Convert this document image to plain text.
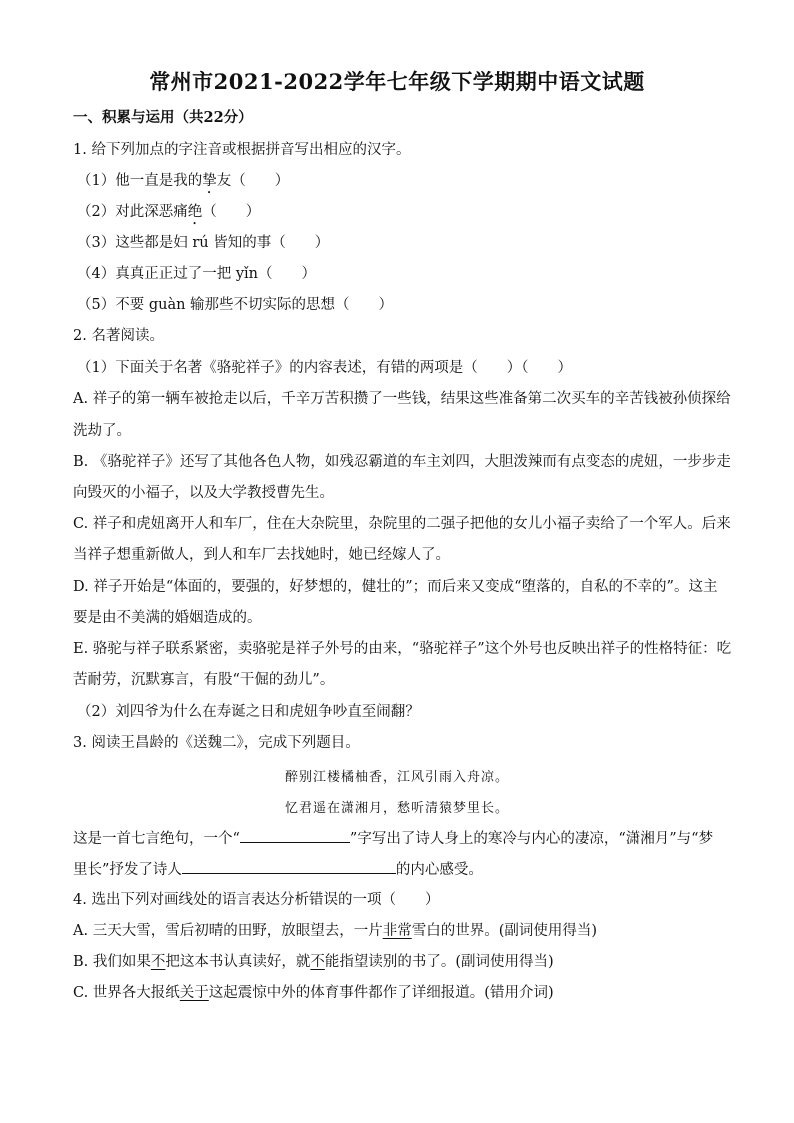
常州市2021-2022学年七年级下学期期中语文试题
一、积累与运用（共22分）
1. 给下列加点的字注音或根据拼音写出相应的汉字。
（1）他一直是我的挚友（　　）
（2）对此深恶痛绝（　　）
（3）这些都是妇 rú 皆知的事（　　）
（4）真真正正过了一把 yǐn（　　）
（5）不要 guàn 输那些不切实际的思想（　　）
2. 名著阅读。
（1）下面关于名著《骆驼祥子》的内容表述，有错的两项是（　　）（　　）
A. 祥子的第一辆车被抢走以后，千辛万苦积攒了一些钱，结果这些准备第二次买车的辛苦钱被孙侦探给
洗劫了。
B. 《骆驼祥子》还写了其他各色人物，如残忍霸道的车主刘四，大胆泼辣而有点变态的虎妞，一步步走
向毁灭的小福子，以及大学教授曹先生。
C. 祥子和虎妞离开人和车厂，住在大杂院里，杂院里的二强子把他的女儿小福子卖给了一个军人。后来
当祥子想重新做人，到人和车厂去找她时，她已经嫁人了。
D. 祥子开始是“体面的，要强的，好梦想的，健壮的”；而后来又变成“堕落的，自私的不幸的”。这主
要是由不美满的婚姻造成的。
E. 骆驼与祥子联系紧密，卖骆驼是祥子外号的由来，“骆驼祥子”这个外号也反映出祥子的性格特征：吃
苦耐劳，沉默寡言，有股“干倔的劲儿”。
（2）刘四爷为什么在寿诞之日和虎妞争吵直至闹翻？
3. 阅读王昌龄的《送魏二》，完成下列题目。
醉别江楼橘柚香，江风引雨入舟凉。
忆君遥在潇湘月，愁听清猿梦里长。
这是一首七言绝句，一个“	”字写出了诗人身上的寒冷与内心的凄凉，“潇湘月”与“梦
里长”抒发了诗人	的内心感受。
4. 选出下列对画线处的语言表达分析错误的一项（　　）
A. 三天大雪，雪后初晴的田野，放眼望去，一片非常雪白的世界。(副词使用得当)
B. 我们如果不把这本书认真读好，就不能指望读别的书了。(副词使用得当)
C. 世界各大报纸关于这起震惊中外的体育事件都作了详细报道。(错用介词)
